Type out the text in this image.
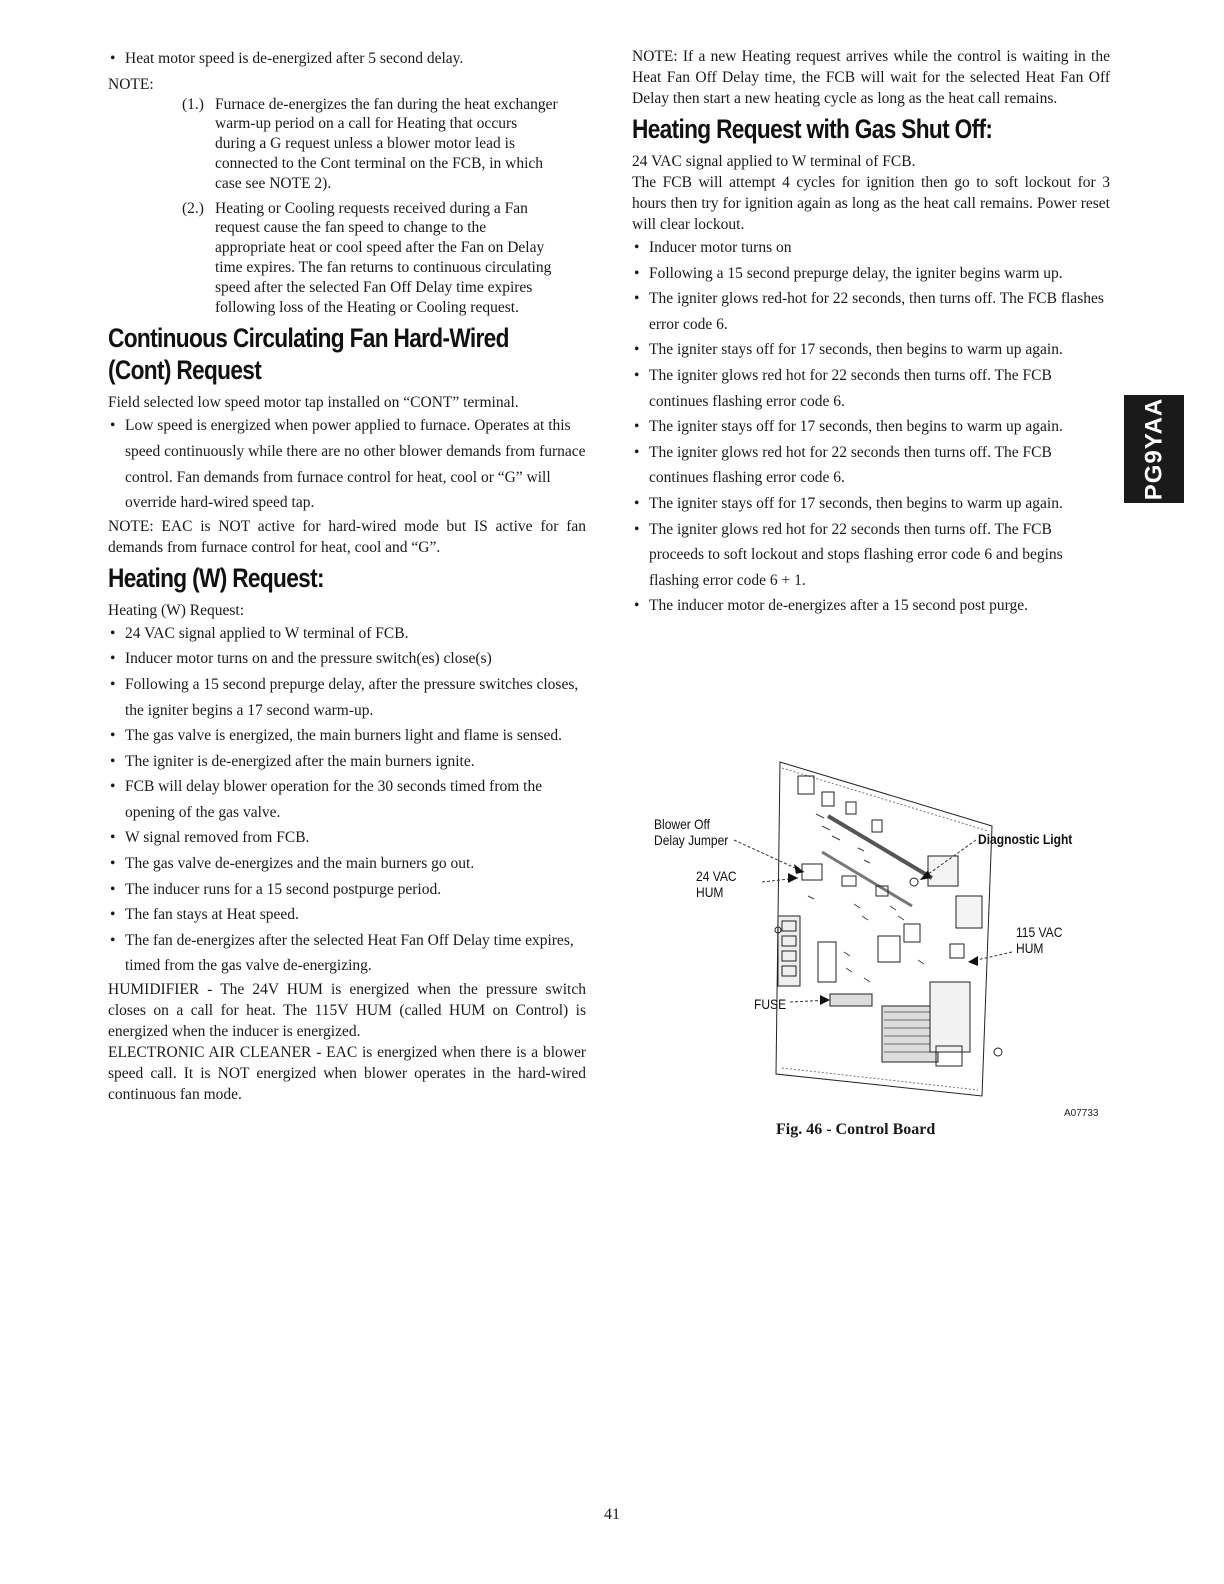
• Heat motor speed is de-energized after 5 second delay.
NOTE:
(1.) Furnace de-energizes the fan during the heat exchanger warm-up period on a call for Heating that occurs during a G request unless a blower motor lead is connected to the Cont terminal on the FCB, in which case see NOTE 2).
(2.) Heating or Cooling requests received during a Fan request cause the fan speed to change to the appropriate heat or cool speed after the Fan on Delay time expires. The fan returns to continuous circulating speed after the selected Fan Off Delay time expires following loss of the Heating or Cooling request.
Continuous Circulating Fan Hard-Wired
(Cont) Request

Field selected low speed motor tap installed on “CONT” terminal.

• Low speed is energized when power applied to furnace. Operates at this speed continuously while there are no other blower demands from furnace control. Fan demands from furnace control for heat, cool or “G” will override hard-wired speed tap.

NOTE: EAC is NOT active for hard-wired mode but IS active for fan demands from furnace control for heat, cool and “G”.

Heating (W) Request:

Heating (W) Request:

• 24 VAC signal applied to W terminal of FCB.
• Inducer motor turns on and the pressure switch(es) close(s)
• Following a 15 second prepurge delay, after the pressure switches closes, the igniter begins a 17 second warm-up.
• The gas valve is energized, the main burners light and flame is sensed.
• The igniter is de-energized after the main burners ignite.
• FCB will delay blower operation for the 30 seconds timed from the opening of the gas valve.
• W signal removed from FCB.
• The gas valve de-energizes and the main burners go out.
• The inducer runs for a 15 second postpurge period.
• The fan stays at Heat speed.
• The fan de-energizes after the selected Heat Fan Off Delay time expires, timed from the gas valve de-energizing.

HUMIDIFIER - The 24V HUM is energized when the pressure switch closes on a call for heat. The 115V HUM (called HUM on Control) is energized when the inducer is energized.

ELECTRONIC AIR CLEANER - EAC is energized when there is a blower speed call. It is NOT energized when blower operates in the hard-wired continuous fan mode.

NOTE: If a new Heating request arrives while the control is waiting in the Heat Fan Off Delay time, the FCB will wait for the selected Heat Fan Off Delay then start a new heating cycle as long as the heat call remains.

Heating Request with Gas Shut Off:

24 VAC signal applied to W terminal of FCB.

The FCB will attempt 4 cycles for ignition then go to soft lockout for 3 hours then try for ignition again as long as the heat call remains. Power reset will clear lockout.

• Inducer motor turns on
• Following a 15 second prepurge delay, the igniter begins warm up.
• The igniter glows red-hot for 22 seconds, then turns off. The FCB flashes error code 6.
• The igniter stays off for 17 seconds, then begins to warm up again.
• The igniter glows red hot for 22 seconds then turns off. The FCB continues flashing error code 6.
• The igniter stays off for 17 seconds, then begins to warm up again.
• The igniter glows red hot for 22 seconds then turns off. The FCB continues flashing error code 6.
• The igniter stays off for 17 seconds, then begins to warm up again.
• The igniter glows red hot for 22 seconds then turns off. The FCB proceeds to soft lockout and stops flashing error code 6 and begins flashing error code 6 + 1.
• The inducer motor de-energizes after a 15 second post purge.
Blower Off
Delay Jumper
24 VAC
HUM
Diagnostic Light
115 VAC
HUM
FUSE
A07733
Fig. 46 - Control Board
PG9YAA
41
